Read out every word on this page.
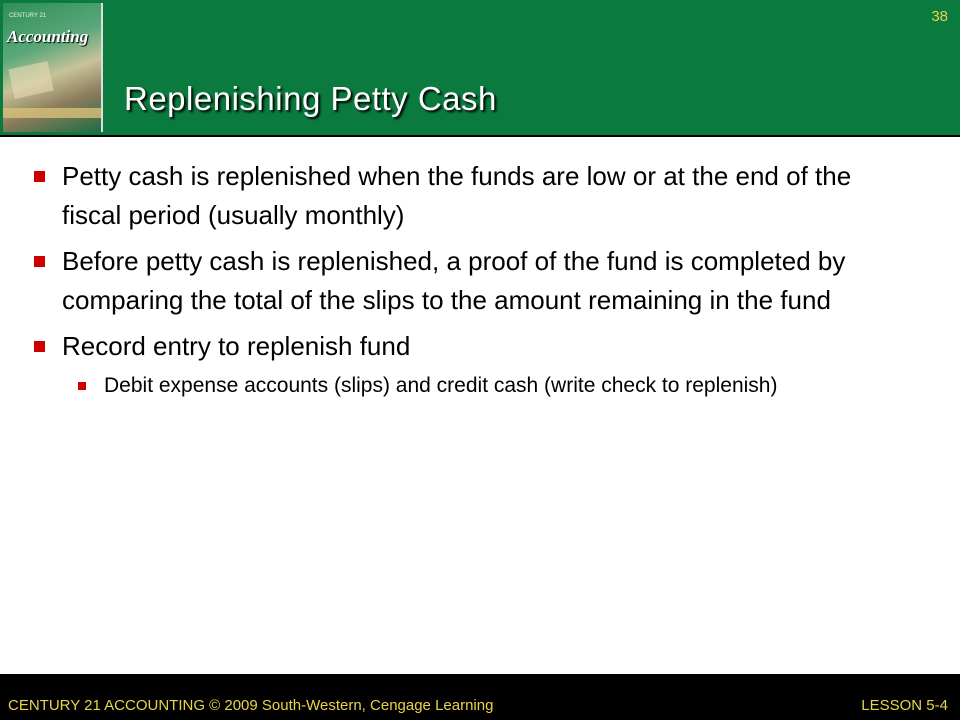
CENTURY 21
Accounting
38
Replenishing Petty Cash
Petty cash is replenished when the funds are low or at the end of the fiscal period (usually monthly)
Before petty cash is replenished, a proof of the fund is completed by comparing the total of the slips to the amount remaining in the fund
Record entry to replenish fund
Debit expense accounts (slips) and credit cash (write check to replenish)
CENTURY 21 ACCOUNTING © 2009 South-Western, Cengage Learning	LESSON 5-4
